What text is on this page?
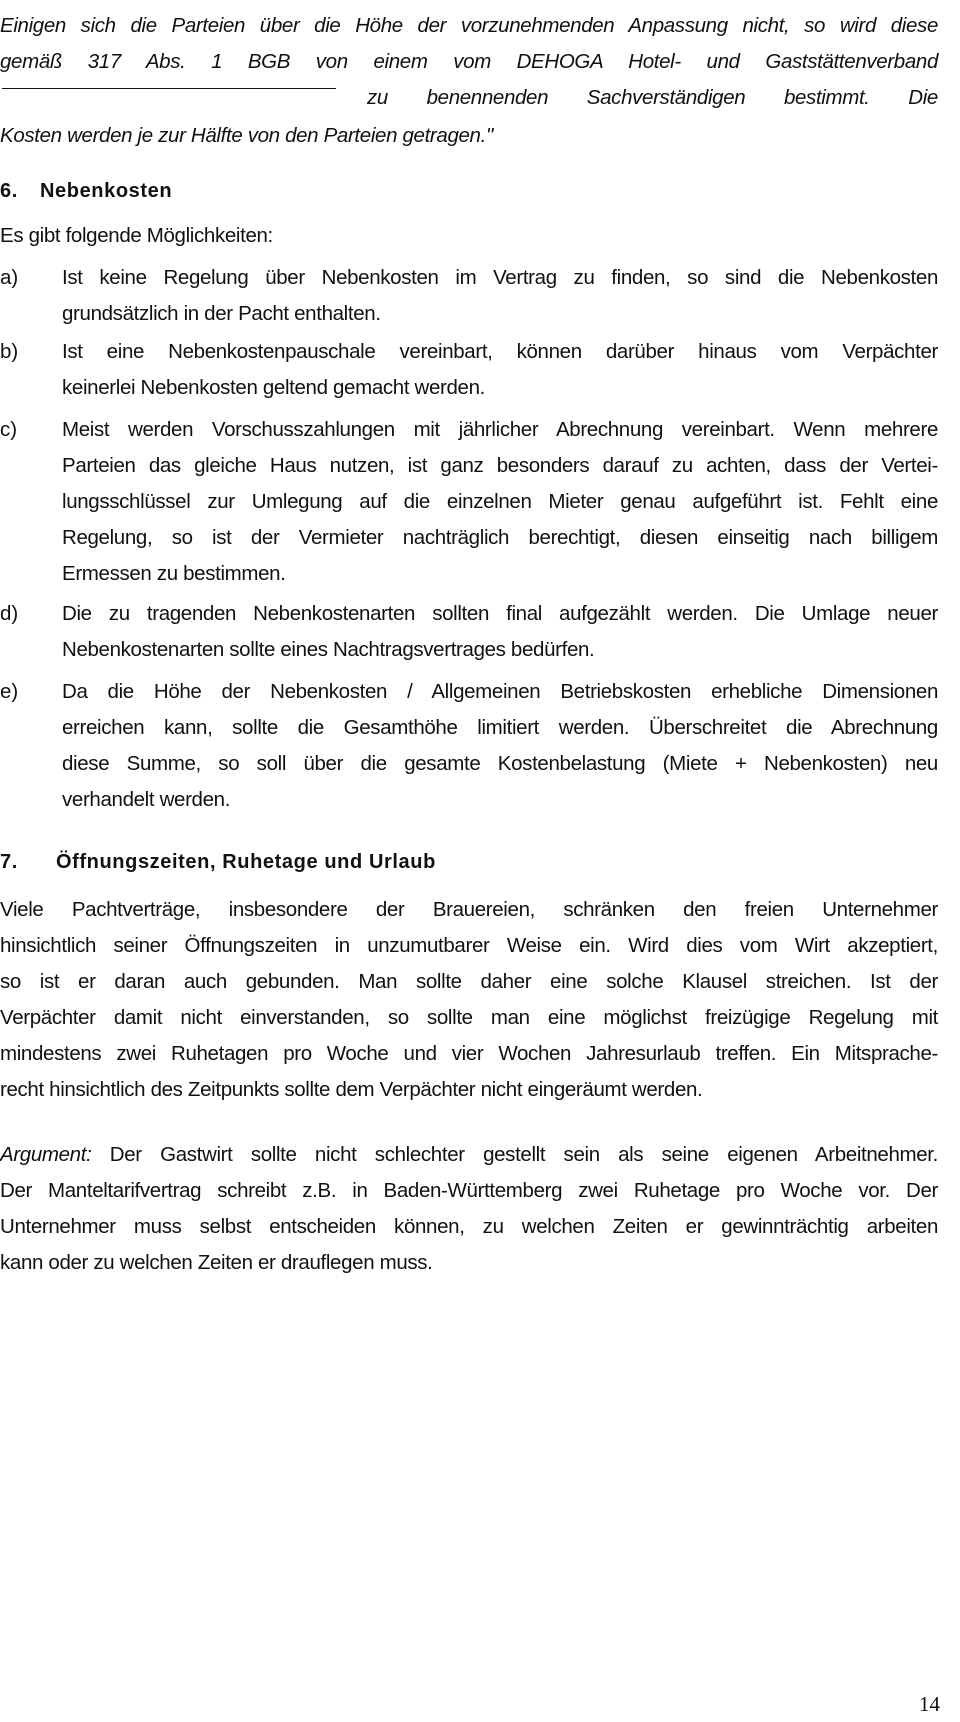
Einigen sich die Parteien über die Höhe der vorzunehmenden Anpassung nicht, so wird diese
gemäß 317 Abs. 1 BGB von einem vom DEHOGA Hotel- und Gaststättenverband
zu benennenden Sachverständigen bestimmt. Die
Kosten werden je zur Hälfte von den Parteien getragen."
6. Nebenkosten
Es gibt folgende Möglichkeiten:
a) Ist keine Regelung über Nebenkosten im Vertrag zu finden, so sind die Nebenkosten
grundsätzlich in der Pacht enthalten.
b) Ist eine Nebenkostenpauschale vereinbart, können darüber hinaus vom Verpächter
keinerlei Nebenkosten geltend gemacht werden.
c) Meist werden Vorschusszahlungen mit jährlicher Abrechnung vereinbart. Wenn mehrere
Parteien das gleiche Haus nutzen, ist ganz besonders darauf zu achten, dass der Vertei-
lungsschlüssel zur Umlegung auf die einzelnen Mieter genau aufgeführt ist. Fehlt eine
Regelung, so ist der Vermieter nachträglich berechtigt, diesen einseitig nach billigem
Ermessen zu bestimmen.
d) Die zu tragenden Nebenkostenarten sollten final aufgezählt werden. Die Umlage neuer
Nebenkostenarten sollte eines Nachtragsvertrages bedürfen.
e) Da die Höhe der Nebenkosten / Allgemeinen Betriebskosten erhebliche Dimensionen
erreichen kann, sollte die Gesamthöhe limitiert werden. Überschreitet die Abrechnung
diese Summe, so soll über die gesamte Kostenbelastung (Miete + Nebenkosten) neu
verhandelt werden.
7. Öffnungszeiten, Ruhetage und Urlaub
Viele Pachtverträge, insbesondere der Brauereien, schränken den freien Unternehmer
hinsichtlich seiner Öffnungszeiten in unzumutbarer Weise ein. Wird dies vom Wirt akzeptiert,
so ist er daran auch gebunden. Man sollte daher eine solche Klausel streichen. Ist der
Verpächter damit nicht einverstanden, so sollte man eine möglichst freizügige Regelung mit
mindestens zwei Ruhetagen pro Woche und vier Wochen Jahresurlaub treffen. Ein Mitsprache-
recht hinsichtlich des Zeitpunkts sollte dem Verpächter nicht eingeräumt werden.
Argument: Der Gastwirt sollte nicht schlechter gestellt sein als seine eigenen Arbeitnehmer.
Der Manteltarifvertrag schreibt z.B. in Baden-Württemberg zwei Ruhetage pro Woche vor. Der
Unternehmer muss selbst entscheiden können, zu welchen Zeiten er gewinnträchtig arbeiten
kann oder zu welchen Zeiten er drauflegen muss.
14
